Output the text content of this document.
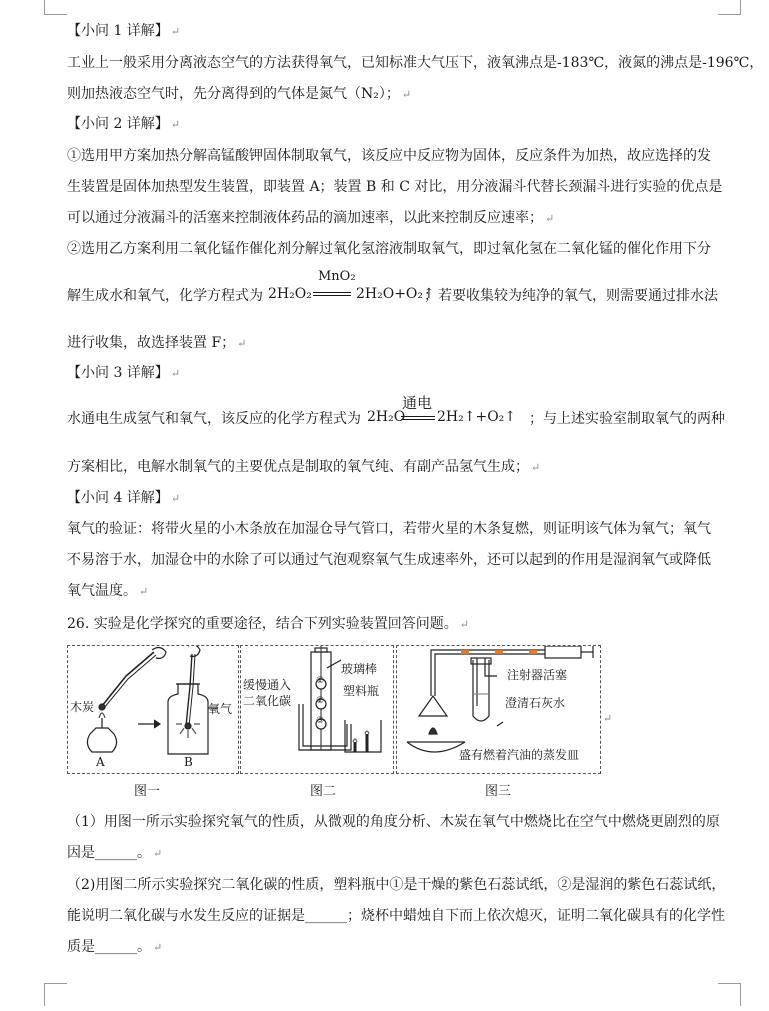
【小问 1 详解】 ↵
工业上一般采用分离液态空气的方法获得氧气，已知标准大气压下，液氧沸点是-183℃，液氮的沸点是-196℃，
则加热液态空气时，先分离得到的气体是氮气（N₂）； ↵
【小问 2 详解】 ↵
①选用甲方案加热分解高锰酸钾固体制取氧气，该反应中反应物为固体，反应条件为加热，故应选择的发
生装置是固体加热型发生装置，即装置 A；装置 B 和 C 对比，用分液漏斗代替长颈漏斗进行实验的优点是
可以通过分液漏斗的活塞来控制液体药品的滴加速率，以此来控制反应速率； ↵
②选用乙方案利用二氧化锰作催化剂分解过氧化氢溶液制取氧气，即过氧化氢在二氧化锰的催化作用下分
解生成水和氧气，化学方程式为 2H₂O₂
MnO₂
2H₂O+O₂↑
；若要收集较为纯净的氧气，则需要通过排水法
进行收集，故选择装置 F； ↵
【小问 3 详解】 ↵
水通电生成氢气和氧气，该反应的化学方程式为 2H₂O
通电
2H₂↑+O₂↑ ；与上述实验室制取氧气的两种
方案相比，电解水制氧气的主要优点是制取的氧气纯、有副产品氢气生成； ↵
【小问 4 详解】 ↵
氧气的验证：将带火星的小木条放在加湿仓导气管口，若带火星的木条复燃，则证明该气体为氧气；氧气
不易溶于水，加湿仓中的水除了可以通过气泡观察氧气生成速率外，还可以起到的作用是湿润氧气或降低
氧气温度。 ↵
26. 实验是化学探究的重要途径，结合下列实验装置回答问题。 ↵
木炭	氧气
A	B
图一
缓慢通入
二氧化碳
玻璃棒
塑料瓶
①
②
③
图二
注射器活塞
澄清石灰水
盛有燃着汽油的蒸发皿
图三
↵
（1）用图一所示实验探究氧气的性质，从微观的角度分析、木炭在氧气中燃烧比在空气中燃烧更剧烈的原
因是______。 ↵
（2)用图二所示实验探究二氧化碳的性质，塑料瓶中①是干燥的紫色石蕊试纸，②是湿润的紫色石蕊试纸，
能说明二氧化碳与水发生反应的证据是______；烧杯中蜡烛自下而上依次熄灭，证明二氧化碳具有的化学性
质是______。 ↵
